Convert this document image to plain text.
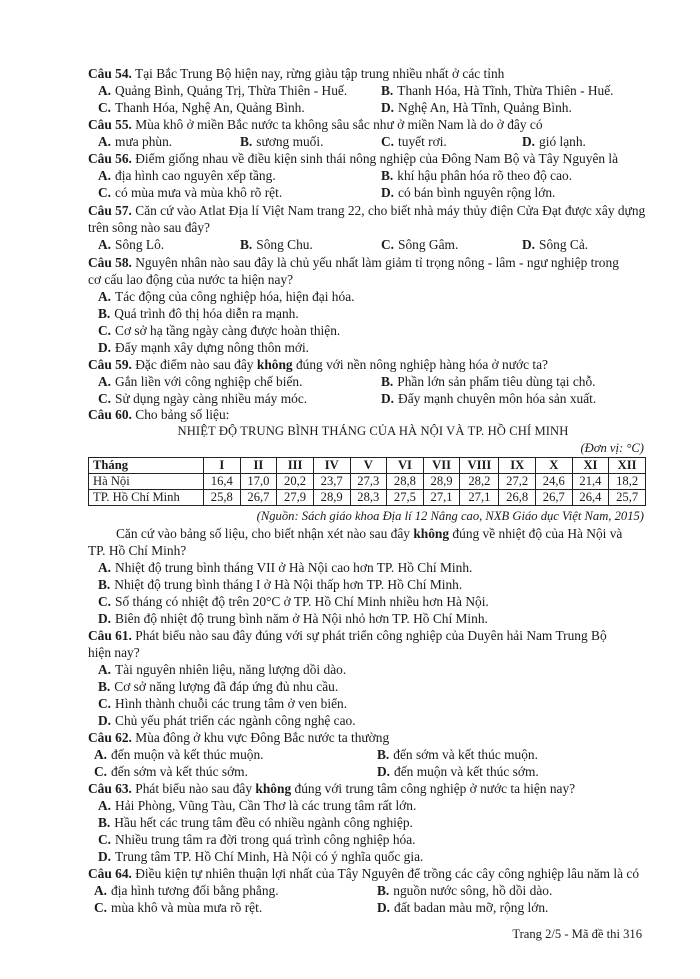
Câu 54. Tại Bắc Trung Bộ hiện nay, rừng giàu tập trung nhiều nhất ở các tỉnh
A. Quảng Bình, Quảng Trị, Thừa Thiên - Huế.	B. Thanh Hóa, Hà Tĩnh, Thừa Thiên - Huế.
C. Thanh Hóa, Nghệ An, Quảng Bình.	D. Nghệ An, Hà Tĩnh, Quảng Bình.
Câu 55. Mùa khô ở miền Bắc nước ta không sâu sắc như ở miền Nam là do ở đây có
A. mưa phùn.	B. sương muối.	C. tuyết rơi.	D. gió lạnh.
Câu 56. Điểm giống nhau về điều kiện sinh thái nông nghiệp của Đông Nam Bộ và Tây Nguyên là
A. địa hình cao nguyên xếp tầng.	B. khí hậu phân hóa rõ theo độ cao.
C. có mùa mưa và mùa khô rõ rệt.	D. có bán bình nguyên rộng lớn.
Câu 57. Căn cứ vào Atlat Địa lí Việt Nam trang 22, cho biết nhà máy thủy điện Cửa Đạt được xây dựng
trên sông nào sau đây?
A. Sông Lô.	B. Sông Chu.	C. Sông Gâm.	D. Sông Cả.
Câu 58. Nguyên nhân nào sau đây là chủ yếu nhất làm giảm tỉ trọng nông - lâm - ngư nghiệp trong
cơ cấu lao động của nước ta hiện nay?
A. Tác động của công nghiệp hóa, hiện đại hóa.
B. Quá trình đô thị hóa diễn ra mạnh.
C. Cơ sở hạ tầng ngày càng được hoàn thiện.
D. Đẩy mạnh xây dựng nông thôn mới.
Câu 59. Đặc điểm nào sau đây không đúng với nền nông nghiệp hàng hóa ở nước ta?
A. Gắn liền với công nghiệp chế biến.	B. Phần lớn sản phẩm tiêu dùng tại chỗ.
C. Sử dụng ngày càng nhiều máy móc.	D. Đẩy mạnh chuyên môn hóa sản xuất.
Câu 60. Cho bảng số liệu:
NHIỆT ĐỘ TRUNG BÌNH THÁNG CỦA HÀ NỘI VÀ TP. HỒ CHÍ MINH
(Đơn vị: °C)
Tháng	I	II	III	IV	V	VI	VII	VIII	IX	X	XI	XII
Hà Nội	16,4	17,0	20,2	23,7	27,3	28,8	28,9	28,2	27,2	24,6	21,4	18,2
TP. Hồ Chí Minh	25,8	26,7	27,9	28,9	28,3	27,5	27,1	27,1	26,8	26,7	26,4	25,7
(Nguồn: Sách giáo khoa Địa lí 12 Nâng cao, NXB Giáo dục Việt Nam, 2015)
Căn cứ vào bảng số liệu, cho biết nhận xét nào sau đây không đúng về nhiệt độ của Hà Nội và
TP. Hồ Chí Minh?
A. Nhiệt độ trung bình tháng VII ở Hà Nội cao hơn TP. Hồ Chí Minh.
B. Nhiệt độ trung bình tháng I ở Hà Nội thấp hơn TP. Hồ Chí Minh.
C. Số tháng có nhiệt độ trên 20°C ở TP. Hồ Chí Minh nhiều hơn Hà Nội.
D. Biên độ nhiệt độ trung bình năm ở Hà Nội nhỏ hơn TP. Hồ Chí Minh.
Câu 61. Phát biểu nào sau đây đúng với sự phát triển công nghiệp của Duyên hải Nam Trung Bộ
hiện nay?
A. Tài nguyên nhiên liệu, năng lượng dồi dào.
B. Cơ sở năng lượng đã đáp ứng đủ nhu cầu.
C. Hình thành chuỗi các trung tâm ở ven biển.
D. Chủ yếu phát triển các ngành công nghệ cao.
Câu 62. Mùa đông ở khu vực Đông Bắc nước ta thường
A. đến muộn và kết thúc muộn.	B. đến sớm và kết thúc muộn.
C. đến sớm và kết thúc sớm.	D. đến muộn và kết thúc sớm.
Câu 63. Phát biểu nào sau đây không đúng với trung tâm công nghiệp ở nước ta hiện nay?
A. Hải Phòng, Vũng Tàu, Cần Thơ là các trung tâm rất lớn.
B. Hầu hết các trung tâm đều có nhiều ngành công nghiệp.
C. Nhiều trung tâm ra đời trong quá trình công nghiệp hóa.
D. Trung tâm TP. Hồ Chí Minh, Hà Nội có ý nghĩa quốc gia.
Câu 64. Điều kiện tự nhiên thuận lợi nhất của Tây Nguyên để trồng các cây công nghiệp lâu năm là có
A. địa hình tương đối bằng phẳng.	B. nguồn nước sông, hồ dồi dào.
C. mùa khô và mùa mưa rõ rệt.	D. đất badan màu mỡ, rộng lớn.
Trang 2/5 - Mã đề thi 316
